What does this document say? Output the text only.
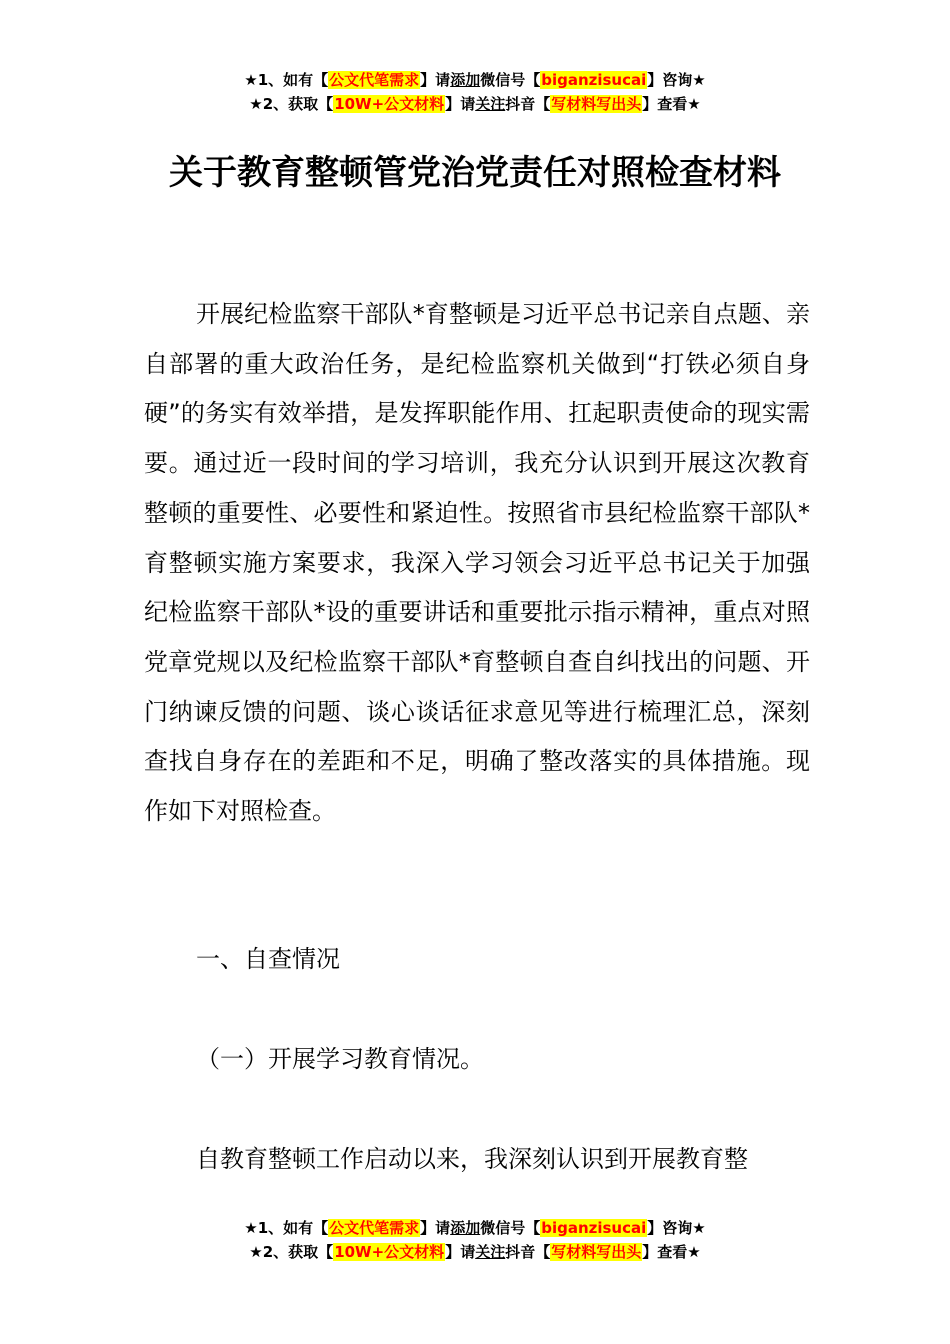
★1、如有【公文代笔需求】请添加微信号【biganzisucai】咨询★
★2、获取【10W+公文材料】请关注抖音【写材料写出头】查看★
关于教育整顿管党治党责任对照检查材料

开展纪检监察干部队*育整顿是习近平总书记亲自点题、亲自部署的重大政治任务，是纪检监察机关做到“打铁必须自身硬”的务实有效举措，是发挥职能作用、扛起职责使命的现实需要。通过近一段时间的学习培训，我充分认识到开展这次教育整顿的重要性、必要性和紧迫性。按照省市县纪检监察干部队*育整顿实施方案要求，我深入学习领会习近平总书记关于加强纪检监察干部队*设的重要讲话和重要批示指示精神，重点对照党章党规以及纪检监察干部队*育整顿自查自纠找出的问题、开门纳谏反馈的问题、谈心谈话征求意见等进行梳理汇总，深刻查找自身存在的差距和不足，明确了整改落实的具体措施。现作如下对照检查。

一、自查情况

（一）开展学习教育情况。

自教育整顿工作启动以来，我深刻认识到开展教育整

★1、如有【公文代笔需求】请添加微信号【biganzisucai】咨询★
★2、获取【10W+公文材料】请关注抖音【写材料写出头】查看★
